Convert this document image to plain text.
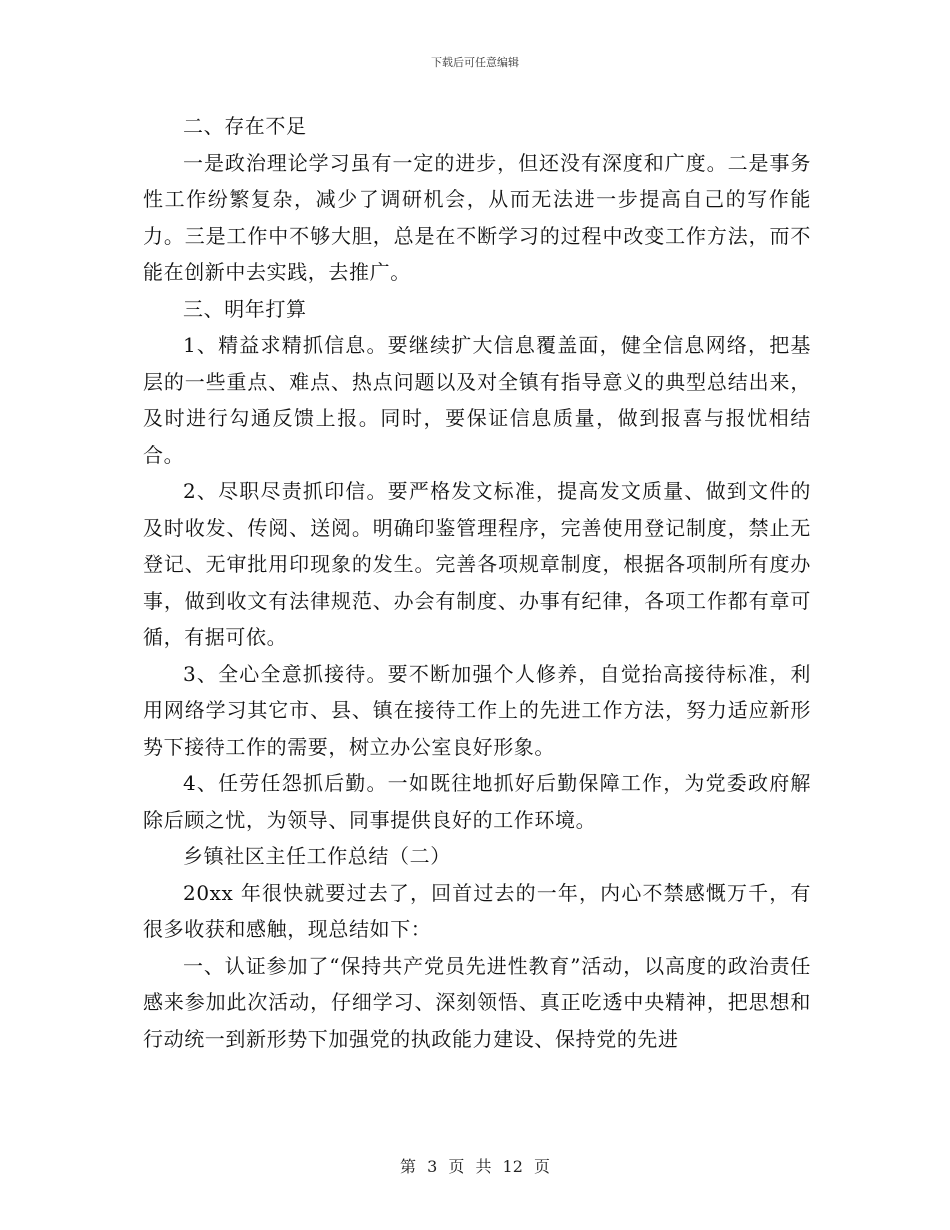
下载后可任意编辑

二、存在不足

一是政治理论学习虽有一定的进步，但还没有深度和广度。二是事务性工作纷繁复杂，减少了调研机会，从而无法进一步提高自己的写作能力。三是工作中不够大胆，总是在不断学习的过程中改变工作方法，而不能在创新中去实践，去推广。

三、明年打算

1、精益求精抓信息。要继续扩大信息覆盖面，健全信息网络，把基层的一些重点、难点、热点问题以及对全镇有指导意义的典型总结出来，及时进行勾通反馈上报。同时，要保证信息质量，做到报喜与报忧相结合。

2、尽职尽责抓印信。要严格发文标准，提高发文质量、做到文件的及时收发、传阅、送阅。明确印鉴管理程序，完善使用登记制度，禁止无登记、无审批用印现象的发生。完善各项规章制度，根据各项制所有度办事，做到收文有法律规范、办会有制度、办事有纪律，各项工作都有章可循，有据可依。

3、全心全意抓接待。要不断加强个人修养，自觉抬高接待标准，利用网络学习其它市、县、镇在接待工作上的先进工作方法，努力适应新形势下接待工作的需要，树立办公室良好形象。

4、任劳任怨抓后勤。一如既往地抓好后勤保障工作，为党委政府解除后顾之忧，为领导、同事提供良好的工作环境。

乡镇社区主任工作总结（二）

20xx 年很快就要过去了，回首过去的一年，内心不禁感慨万千，有很多收获和感触，现总结如下：

一、认证参加了“保持共产党员先进性教育”活动，以高度的政治责任感来参加此次活动，仔细学习、深刻领悟、真正吃透中央精神，把思想和行动统一到新形势下加强党的执政能力建设、保持党的先进

第 3 页 共 12 页
